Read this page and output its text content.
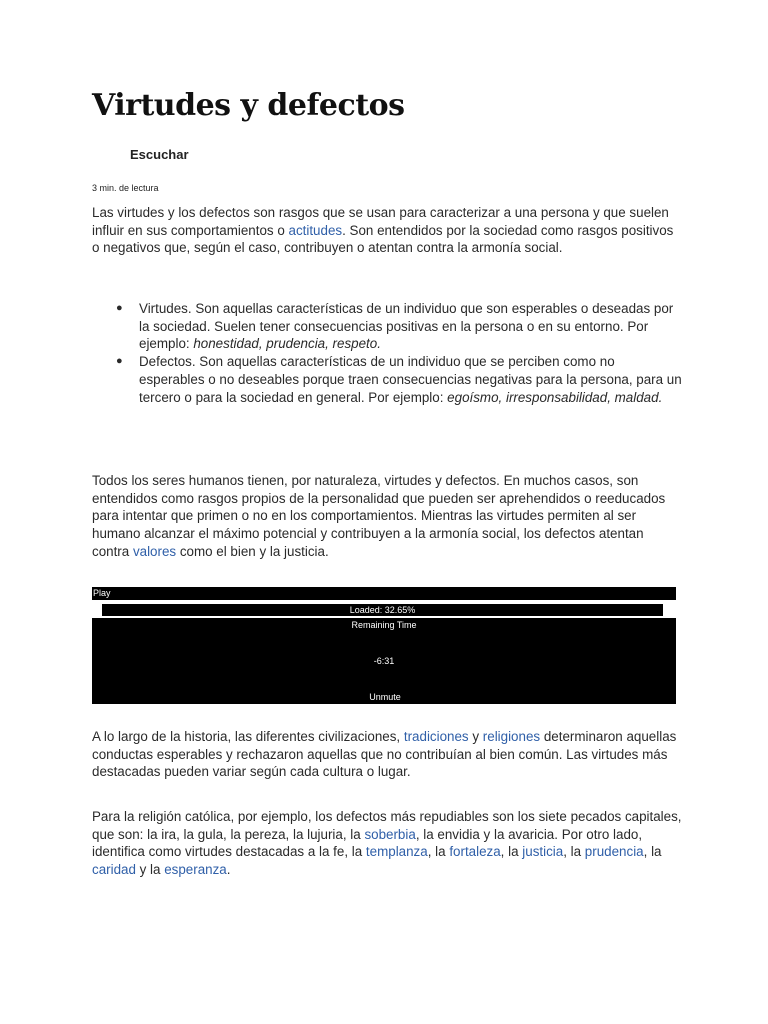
Virtudes y defectos
Escuchar
3 min. de lectura

Las virtudes y los defectos son rasgos que se usan para caracterizar a una persona y que suelen influir en sus comportamientos o actitudes. Son entendidos por la sociedad como rasgos positivos o negativos que, según el caso, contribuyen o atentan contra la armonía social.

● Virtudes. Son aquellas características de un individuo que son esperables o deseadas por la sociedad. Suelen tener consecuencias positivas en la persona o en su entorno. Por ejemplo: honestidad, prudencia, respeto.
● Defectos. Son aquellas características de un individuo que se perciben como no esperables o no deseables porque traen consecuencias negativas para la persona, para un tercero o para la sociedad en general. Por ejemplo: egoísmo, irresponsabilidad, maldad.

Todos los seres humanos tienen, por naturaleza, virtudes y defectos. En muchos casos, son entendidos como rasgos propios de la personalidad que pueden ser aprehendidos o reeducados para intentar que primen o no en los comportamientos. Mientras las virtudes permiten al ser humano alcanzar el máximo potencial y contribuyen a la armonía social, los defectos atentan contra valores como el bien y la justicia.

Play
Loaded: 32.65%
Remaining Time
-6:31
Unmute

A lo largo de la historia, las diferentes civilizaciones, tradiciones y religiones determinaron aquellas conductas esperables y rechazaron aquellas que no contribuían al bien común. Las virtudes más destacadas pueden variar según cada cultura o lugar.

Para la religión católica, por ejemplo, los defectos más repudiables son los siete pecados capitales, que son: la ira, la gula, la pereza, la lujuria, la soberbia, la envidia y la avaricia. Por otro lado, identifica como virtudes destacadas a la fe, la templanza, la fortaleza, la justicia, la prudencia, la caridad y la esperanza.
